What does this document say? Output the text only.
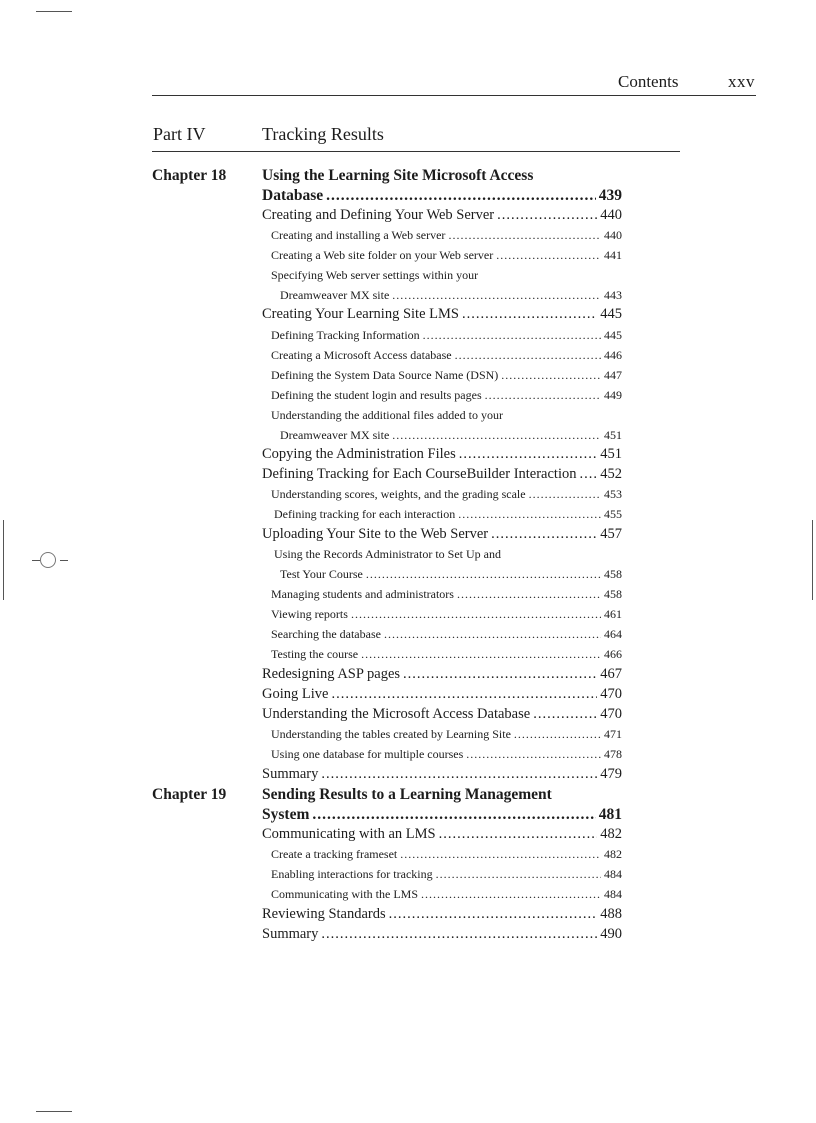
Contents	xxv
Part IV	Tracking Results
Chapter 18 Using the Learning Site Microsoft Access
Database .....	439
Creating and Defining Your Web Server .....	440
Creating and installing a Web server .....	440
Creating a Web site folder on your Web server .....	441
Specifying Web server settings within your
Dreamweaver MX site .....	443
Creating Your Learning Site LMS .....	445
Defining Tracking Information .....	445
Creating a Microsoft Access database .....	446
Defining the System Data Source Name (DSN) .....	447
Defining the student login and results pages .....	449
Understanding the additional files added to your
Dreamweaver MX site .....	451
Copying the Administration Files .....	451
Defining Tracking for Each CourseBuilder Interaction ..... 452
Understanding scores, weights, and the grading scale .....	453
Defining tracking for each interaction .....	455
Uploading Your Site to the Web Server .....	457
Using the Records Administrator to Set Up and
Test Your Course .....	458
Managing students and administrators .....	458
Viewing reports .....	461
Searching the database .....	464
Testing the course .....	466
Redesigning ASP pages .....	467
Going Live .....	470
Understanding the Microsoft Access Database .....	470
Understanding the tables created by Learning Site .....	471
Using one database for multiple courses .....	478
Summary .....	479
Chapter 19 Sending Results to a Learning Management
System .....	481
Communicating with an LMS .....	482
Create a tracking frameset .....	482
Enabling interactions for tracking .....	484
Communicating with the LMS .....	484
Reviewing Standards .....	488
Summary .....	490
